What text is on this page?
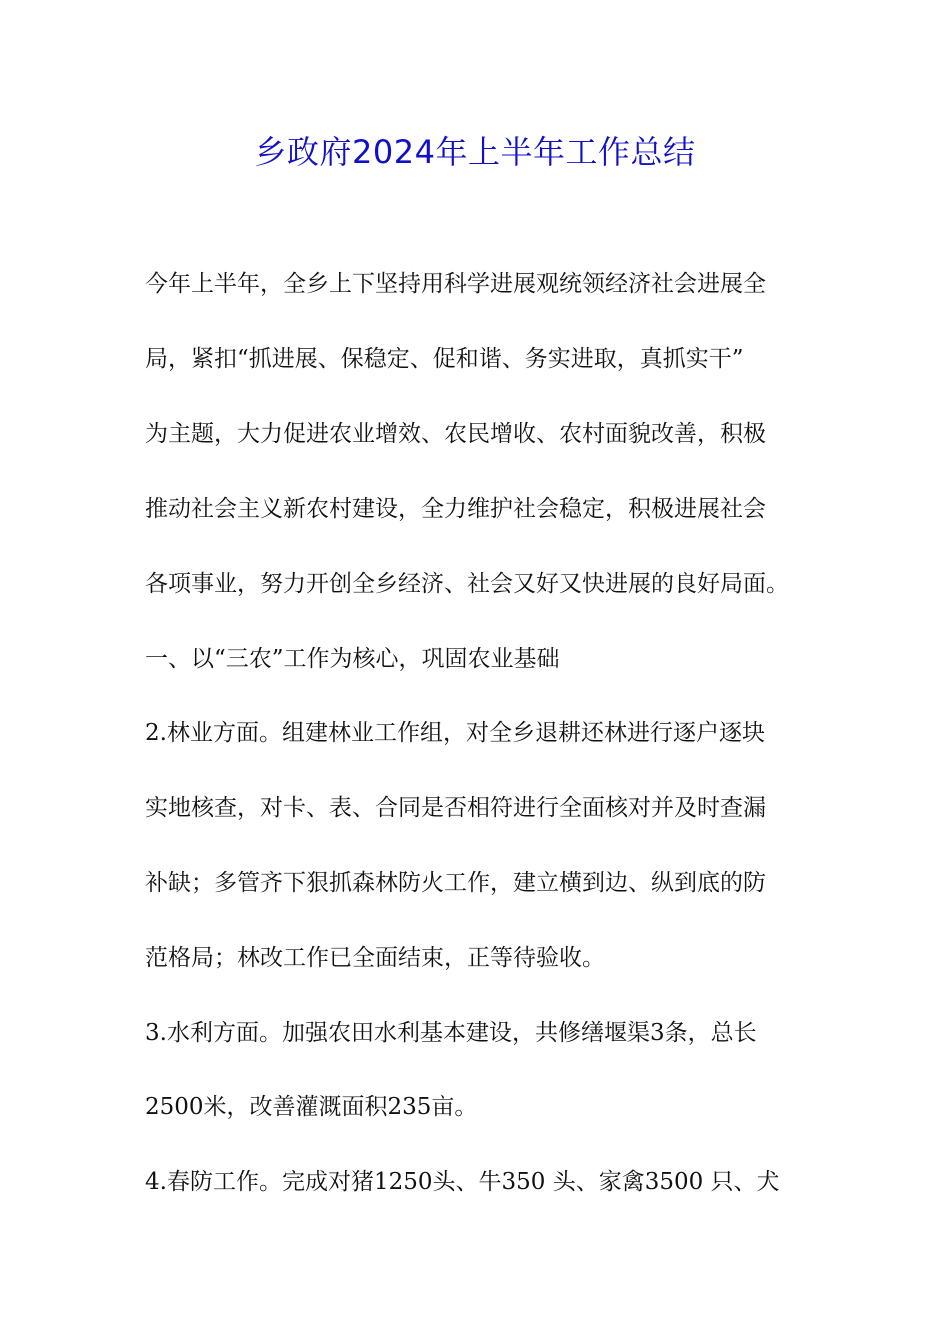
乡政府2024年上半年工作总结
今年上半年，全乡上下坚持用科学进展观统领经济社会进展全
局，紧扣“抓进展、保稳定、促和谐、务实进取，真抓实干”
为主题，大力促进农业增效、农民增收、农村面貌改善，积极
推动社会主义新农村建设，全力维护社会稳定，积极进展社会
各项事业，努力开创全乡经济、社会又好又快进展的良好局面。
一、以“三农”工作为核心，巩固农业基础
2.林业方面。组建林业工作组，对全乡退耕还林进行逐户逐块
实地核查，对卡、表、合同是否相符进行全面核对并及时查漏
补缺；多管齐下狠抓森林防火工作，建立横到边、纵到底的防
范格局；林改工作已全面结束，正等待验收。
3.水利方面。加强农田水利基本建设，共修缮堰渠3条，总长
2500米，改善灌溉面积235亩。
4.春防工作。完成对猪1250头、牛350 头、家禽3500 只、犬
